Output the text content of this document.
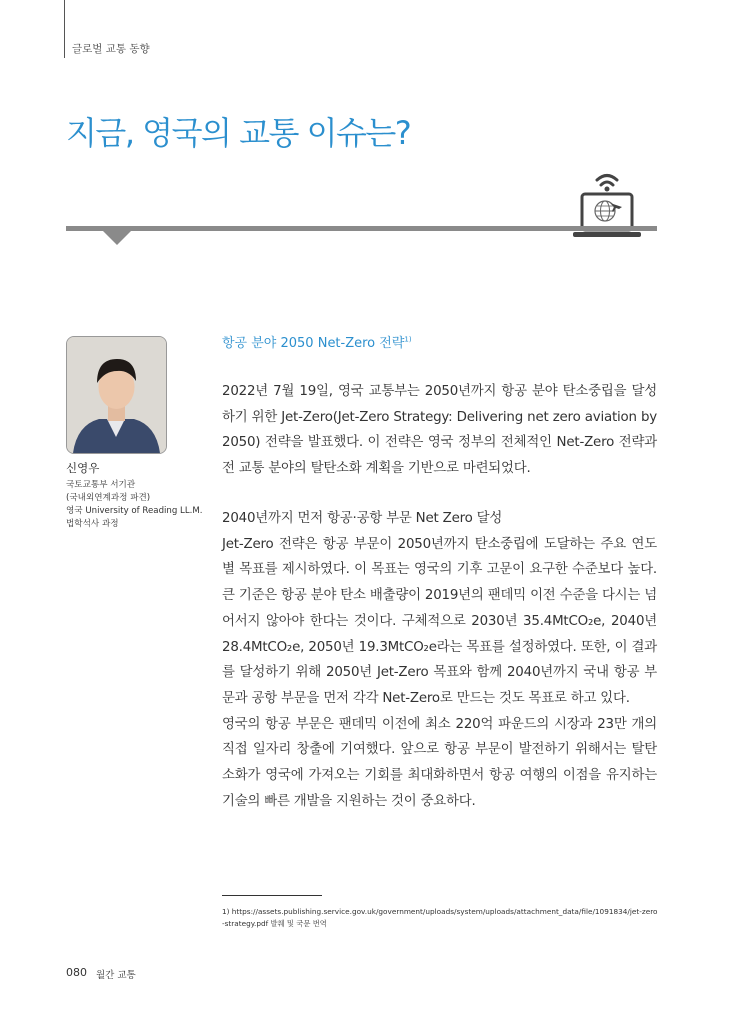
글로벌 교통 동향
지금, 영국의 교통 이슈는?
신영우
국토교통부 서기관
(국내외연계과정 파견)
영국 University of Reading LL.M.
법학석사 과정
항공 분야 2050 Net-Zero 전략$^{1)}$

2022년 7월 19일, 영국 교통부는 2050년까지 항공 분야 탄소중립을 달성하기 위한 Jet-Zero(Jet-Zero Strategy: Delivering net zero aviation by 2050) 전략을 발표했다. 이 전략은 영국 정부의 전체적인 Net-Zero 전략과 전 교통 분야의 탈탄소화 계획을 기반으로 마련되었다.

2040년까지 먼저 항공·공항 부문 Net Zero 달성

Jet-Zero 전략은 항공 부문이 2050년까지 탄소중립에 도달하는 주요 연도별 목표를 제시하였다. 이 목표는 영국의 기후 고문이 요구한 수준보다 높다. 큰 기준은 항공 분야 탄소 배출량이 2019년의 팬데믹 이전 수준을 다시는 넘어서지 않아야 한다는 것이다. 구체적으로 2030년 35.4MtCO₂e, 2040년 28.4MtCO₂e, 2050년 19.3MtCO₂e라는 목표를 설정하였다. 또한, 이 결과를 달성하기 위해 2050년 Jet-Zero 목표와 함께 2040년까지 국내 항공 부문과 공항 부문을 먼저 각각 Net-Zero로 만드는 것도 목표로 하고 있다.

영국의 항공 부문은 팬데믹 이전에 최소 220억 파운드의 시장과 23만 개의 직접 일자리 창출에 기여했다. 앞으로 항공 부문이 발전하기 위해서는 탈탄소화가 영국에 가져오는 기회를 최대화하면서 항공 여행의 이점을 유지하는 기술의 빠른 개발을 지원하는 것이 중요하다.

1) https://assets.publishing.service.gov.uk/government/uploads/system/uploads/attachment_data/file/1091834/jet-zero-strategy.pdf 발췌 및 국문 번역
080 월간 교통
